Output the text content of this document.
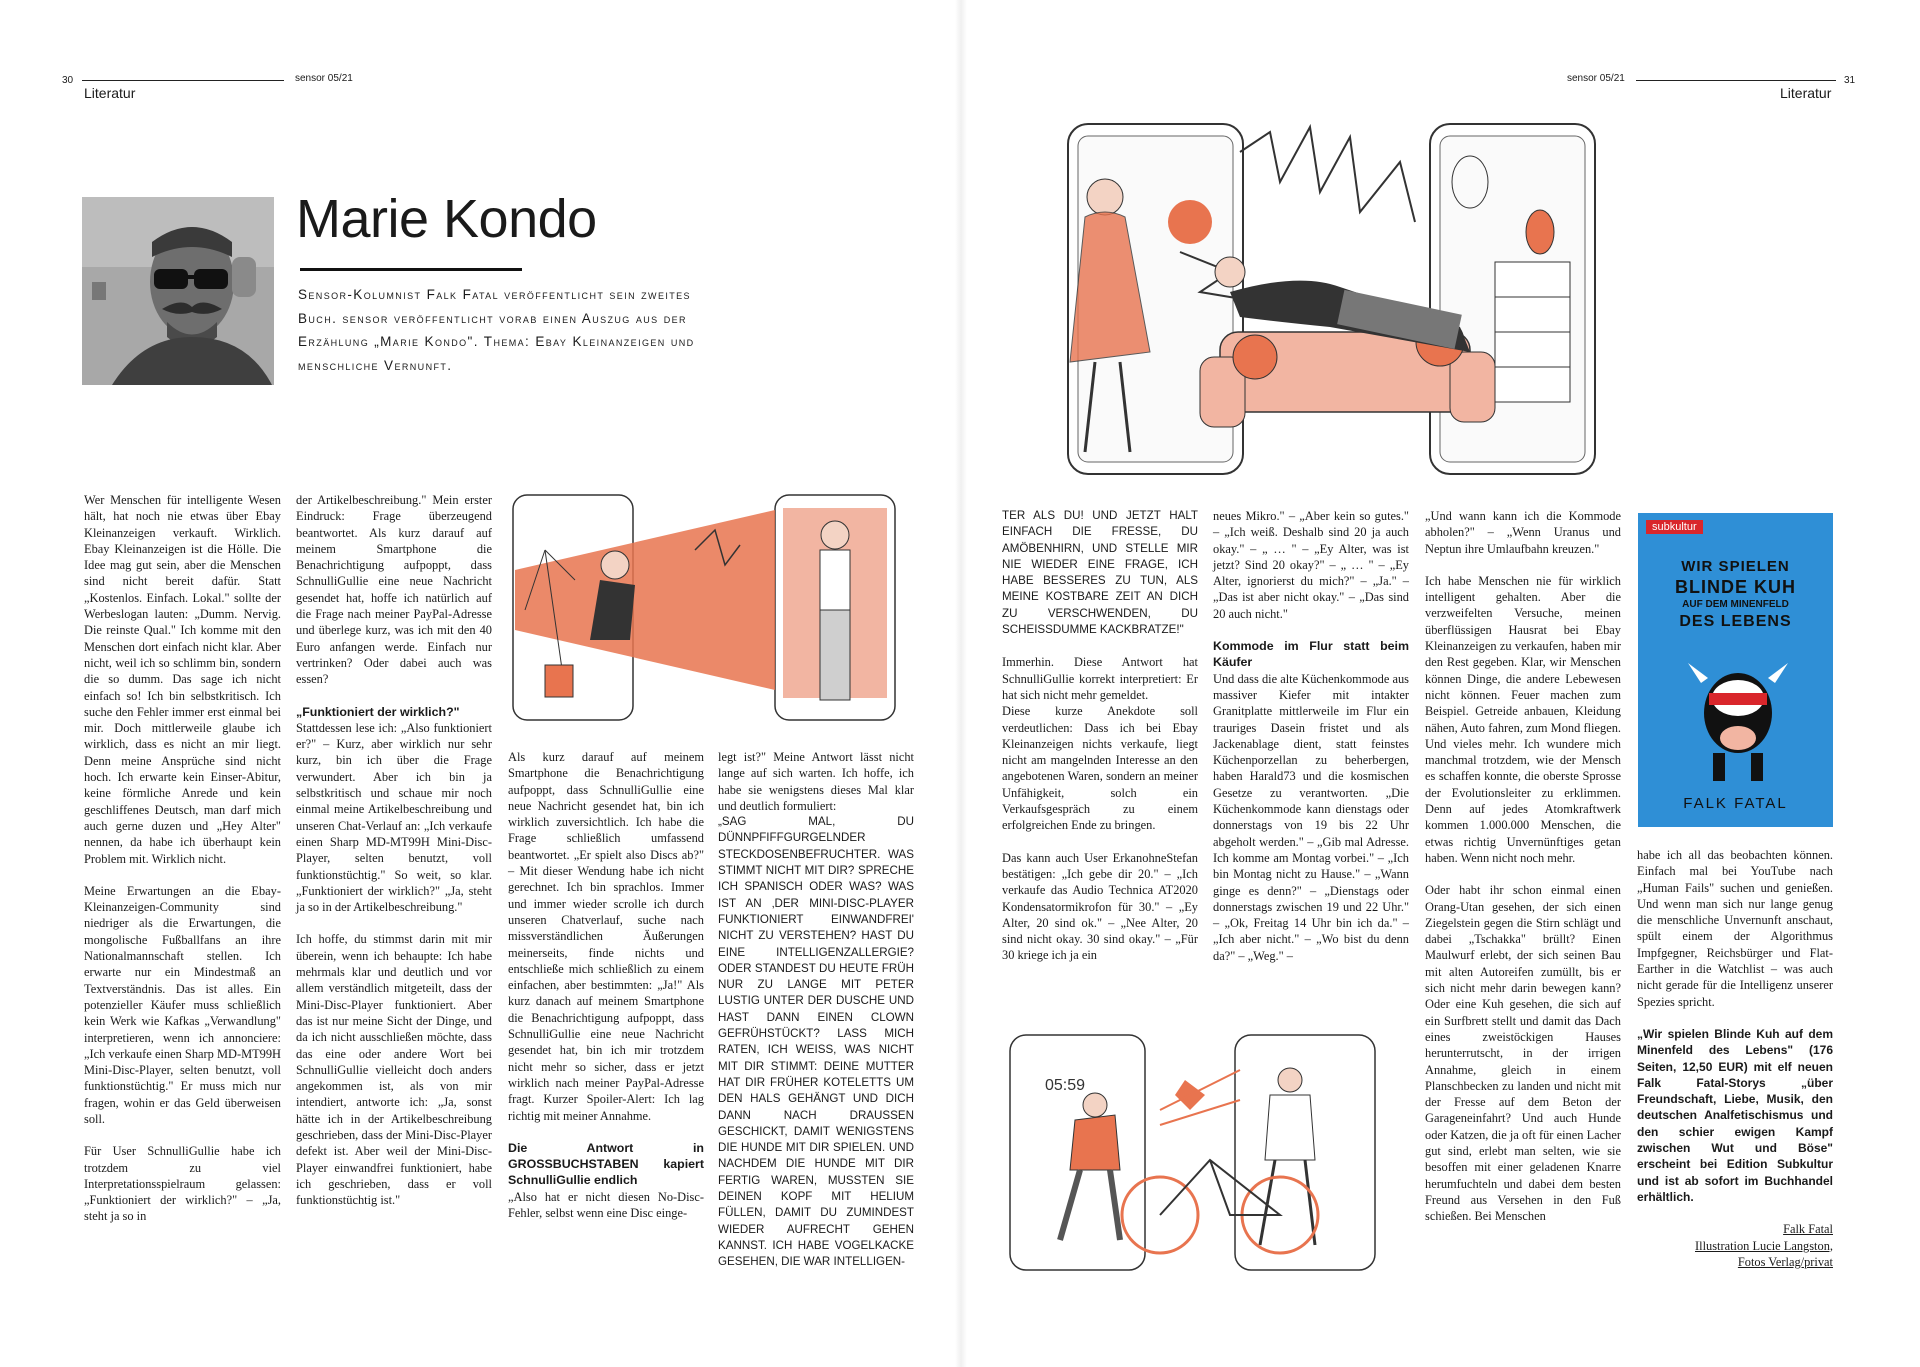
30
Literatur
sensor 05/21	sensor 05/21
Literatur
31
Marie Kondo
Sensor-Kolumnist Falk Fatal veröffentlicht sein zweites Buch. sensor veröffentlicht vorab einen Auszug aus der Erzählung „Marie Kondo". Thema: Ebay Kleinanzeigen und menschliche Vernunft.
05:59
subkultur
WIR SPIELEN
BLINDE KUH
AUF DEM MINENFELD
DES LEBENS
FALK FATAL

Wer Menschen für intelligente Wesen hält, hat noch nie etwas über Ebay Kleinanzeigen verkauft. Wirklich. Ebay Kleinanzeigen ist die Hölle. Die Idee mag gut sein, aber die Menschen sind nicht bereit dafür. Statt „Kostenlos. Einfach. Lokal." sollte der Werbeslogan lauten: „Dumm. Nervig. Die reinste Qual." Ich komme mit den Menschen dort einfach nicht klar. Aber nicht, weil ich so schlimm bin, sondern die so dumm. Das sage ich nicht einfach so! Ich bin selbstkritisch. Ich suche den Fehler immer erst einmal bei mir. Doch mittlerweile glaube ich wirklich, dass es nicht an mir liegt. Denn meine Ansprüche sind nicht hoch. Ich erwarte kein Einser-Abitur, keine förmliche Anrede und kein geschliffenes Deutsch, man darf mich auch gerne duzen und „Hey Alter" nennen, da habe ich überhaupt kein Problem mit. Wirklich nicht.

Meine Erwartungen an die Ebay-Kleinanzeigen-Community sind niedriger als die Erwartungen, die mongolische Fußballfans an ihre Nationalmannschaft stellen. Ich erwarte nur ein Mindestmaß an Textverständnis. Das ist alles. Ein potenzieller Käufer muss schließlich kein Werk wie Kafkas „Verwandlung" interpretieren, wenn ich annonciere: „Ich verkaufe einen Sharp MD-MT99H Mini-Disc-Player, selten benutzt, voll funktionstüchtig." Er muss mich nur fragen, wohin er das Geld überweisen soll.

Für User SchnulliGullie habe ich trotzdem zu viel Interpretationsspielraum gelassen: „Funktioniert der wirklich?" – „Ja, steht ja so in

der Artikelbeschreibung." Mein erster Eindruck: Frage überzeugend beantwortet. Als kurz darauf auf meinem Smartphone die Benachrichtigung aufpoppt, dass SchnulliGullie eine neue Nachricht gesendet hat, hoffe ich natürlich auf die Frage nach meiner PayPal-Adresse und überlege kurz, was ich mit den 40 Euro anfangen werde. Einfach nur vertrinken? Oder dabei auch was essen?

„Funktioniert der wirklich?"

Stattdessen lese ich: „Also funktioniert er?" – Kurz, aber wirklich nur sehr kurz, bin ich über die Frage verwundert. Aber ich bin ja selbstkritisch und schaue mir noch einmal meine Artikelbeschreibung und unseren Chat-Verlauf an: „Ich verkaufe einen Sharp MD-MT99H Mini-Disc-Player, selten benutzt, voll funktionstüchtig." So weit, so klar. „Funktioniert der wirklich?" „Ja, steht ja so in der Artikelbeschreibung."

Ich hoffe, du stimmst darin mit mir überein, wenn ich behaupte: Ich habe mehrmals klar und deutlich und vor allem verständlich mitgeteilt, dass der Mini-Disc-Player funktioniert. Aber das ist nur meine Sicht der Dinge, und da ich nicht ausschließen möchte, dass das eine oder andere Wort bei SchnulliGullie vielleicht doch anders angekommen ist, als von mir intendiert, antworte ich: „Ja, sonst hätte ich in der Artikelbeschreibung geschrieben, dass der Mini-Disc-Player defekt ist. Aber weil der Mini-Disc-Player einwandfrei funktioniert, habe ich geschrieben, dass er voll funktionstüchtig ist."

Als kurz darauf auf meinem Smartphone die Benachrichtigung aufpoppt, dass SchnulliGullie eine neue Nachricht gesendet hat, bin ich wirklich zuversichtlich. Ich habe die Frage schließlich umfassend beantwortet. „Er spielt also Discs ab?" – Mit dieser Wendung habe ich nicht gerechnet. Ich bin sprachlos. Immer und immer wieder scrolle ich durch unseren Chatverlauf, suche nach missverständlichen Äußerungen meinerseits, finde nichts und entschließe mich schließlich zu einem einfachen, aber bestimmten: „Ja!" Als kurz danach auf meinem Smartphone die Benachrichtigung aufpoppt, dass SchnulliGullie eine neue Nachricht gesendet hat, bin ich mir trotzdem nicht mehr so sicher, dass er jetzt wirklich nach meiner PayPal-Adresse fragt. Kurzer Spoiler-Alert: Ich lag richtig mit meiner Annahme.

Die Antwort in GROSSBUCHSTABEN kapiert SchnulliGullie endlich

„Also hat er nicht diesen No-Disc-Fehler, selbst wenn eine Disc einge-

legt ist?" Meine Antwort lässt nicht lange auf sich warten. Ich hoffe, ich habe sie wenigstens dieses Mal klar und deutlich formuliert:

„SAG MAL, DU DÜNNPFIFFGURGELNDER STECKDOSENBEFRUCHTER. WAS STIMMT NICHT MIT DIR? SPRECHE ICH SPANISCH ODER WAS? WAS IST AN ‚DER MINI-DISC-PLAYER FUNKTIONIERT EINWANDFREI' NICHT ZU VERSTEHEN? HAST DU EINE INTELLIGENZALLERGIE? ODER STANDEST DU HEUTE FRÜH NUR ZU LANGE MIT PETER LUSTIG UNTER DER DUSCHE UND HAST DANN EINEN CLOWN GEFRÜHSTÜCKT? LASS MICH RATEN, ICH WEISS, WAS NICHT MIT DIR STIMMT: DEINE MUTTER HAT DIR FRÜHER KOTELETTS UM DEN HALS GEHÄNGT UND DICH DANN NACH DRAUSSEN GESCHICKT, DAMIT WENIGSTENS DIE HUNDE MIT DIR SPIELEN. UND NACHDEM DIE HUNDE MIT DIR FERTIG WAREN, MUSSTEN SIE DEINEN KOPF MIT HELIUM FÜLLEN, DAMIT DU ZUMINDEST WIEDER AUFRECHT GEHEN KANNST. ICH HABE VOGELKACKE GESEHEN, DIE WAR INTELLIGEN-

TER ALS DU! UND JETZT HALT EINFACH DIE FRESSE, DU AMÖBENHIRN, UND STELLE MIR NIE WIEDER EINE FRAGE, ICH HABE BESSERES ZU TUN, ALS MEINE KOSTBARE ZEIT AN DICH ZU VERSCHWENDEN, DU SCHEISSDUMME KACKBRATZE!"

Immerhin. Diese Antwort hat SchnulliGullie korrekt interpretiert: Er hat sich nicht mehr gemeldet.

Diese kurze Anekdote soll verdeutlichen: Dass ich bei Ebay Kleinanzeigen nichts verkaufe, liegt nicht am mangelnden Interesse an den angebotenen Waren, sondern an meiner Unfähigkeit, solch ein Verkaufsgespräch zu einem erfolgreichen Ende zu bringen.

Das kann auch User ErkanohneStefan bestätigen: „Ich gebe dir 20." – „Ich verkaufe das Audio Technica AT2020 Kondensatormikrofon für 30." – „Ey Alter, 20 sind ok." – „Nee Alter, 20 sind nicht okay. 30 sind okay." – „Für 30 kriege ich ja ein

neues Mikro." – „Aber kein so gutes." – „Ich weiß. Deshalb sind 20 ja auch okay." – „ … " – „Ey Alter, was ist jetzt? Sind 20 okay?" – „ … " – „Ey Alter, ignorierst du mich?" – „Ja." – „Das ist aber nicht okay." – „Das sind 20 auch nicht."

Kommode im Flur statt beim Käufer

Und dass die alte Küchenkommode aus massiver Kiefer mit intakter Granitplatte mittlerweile im Flur ein trauriges Dasein fristet und als Jackenablage dient, statt feinstes Küchenporzellan zu beherbergen, haben Harald73 und die kosmischen Gesetze zu verantworten. „Die Küchenkommode kann dienstags oder donnerstags von 19 bis 22 Uhr abgeholt werden." – „Gib mal Adresse. Ich komme am Montag vorbei." – „Ich bin Montag nicht zu Hause." – „Wann ginge es denn?" – „Dienstags oder donnerstags zwischen 19 und 22 Uhr." – „Ok, Freitag 14 Uhr bin ich da." – „Ich aber nicht." – „Wo bist du denn da?" – „Weg." –

„Und wann kann ich die Kommode abholen?" – „Wenn Uranus und Neptun ihre Umlaufbahn kreuzen."

Ich habe Menschen nie für wirklich intelligent gehalten. Aber die verzweifelten Versuche, meinen überflüssigen Hausrat bei Ebay Kleinanzeigen zu verkaufen, haben mir den Rest gegeben. Klar, wir Menschen können Dinge, die andere Lebewesen nicht können. Feuer machen zum Beispiel. Getreide anbauen, Kleidung nähen, Auto fahren, zum Mond fliegen. Und vieles mehr. Ich wundere mich manchmal trotzdem, wie der Mensch es schaffen konnte, die oberste Sprosse der Evolutionsleiter zu erklimmen. Denn auf jedes Atomkraftwerk kommen 1.000.000 Menschen, die etwas richtig Unvernünftiges getan haben. Wenn nicht noch mehr.

Oder habt ihr schon einmal einen Orang-Utan gesehen, der sich einen Ziegelstein gegen die Stirn schlägt und dabei „Tschakka" brüllt? Einen Maulwurf erlebt, der sich seinen Bau mit alten Autoreifen zumüllt, bis er sich nicht mehr darin bewegen kann? Oder eine Kuh gesehen, die sich auf ein Surfbrett stellt und damit das Dach eines zweistöckigen Hauses herunterrutscht, in der irrigen Annahme, gleich in einem Planschbecken zu landen und nicht mit der Fresse auf dem Beton der Garageneinfahrt? Und auch Hunde oder Katzen, die ja oft für einen Lacher gut sind, erlebt man selten, wie sie besoffen mit einer geladenen Knarre herumfuchteln und dabei dem besten Freund aus Versehen in den Fuß schießen. Bei Menschen

habe ich all das beobachten können. Einfach mal bei YouTube nach „Human Fails" suchen und genießen. Und wenn man sich nur lange genug die menschliche Unvernunft anschaut, spült einem der Algorithmus Impfgegner, Reichsbürger und Flat-Earther in die Watchlist – was auch nicht gerade für die Intelligenz unserer Spezies spricht.

„Wir spielen Blinde Kuh auf dem Minenfeld des Lebens" (176 Seiten, 12,50 EUR) mit elf neuen Falk Fatal-Storys „über Freundschaft, Liebe, Musik, den deutschen Analfetischismus und den schier ewigen Kampf zwischen Wut und Böse" erscheint bei Edition Subkultur und ist ab sofort im Buchhandel erhältlich.

Falk Fatal

Illustration Lucie Langston,

Fotos Verlag/privat
